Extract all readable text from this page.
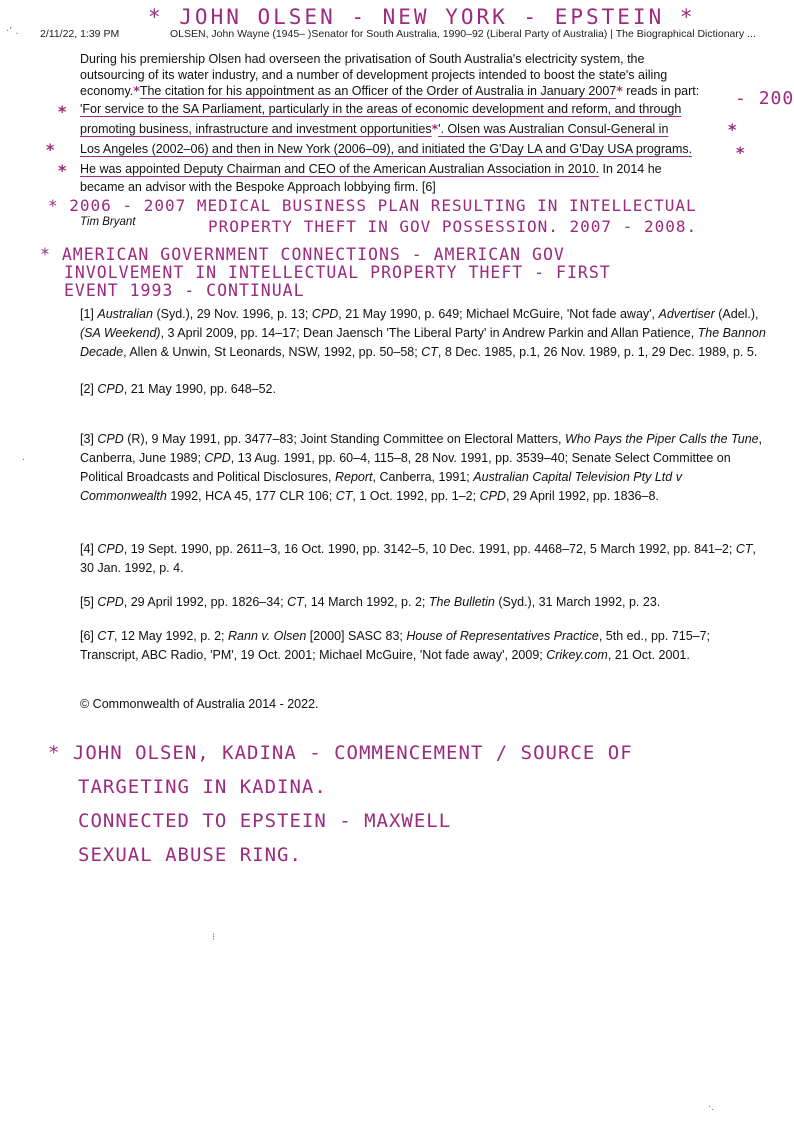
* JOHN OLSEN - NEW YORK - EPSTEIN *
2/11/22, 1:39 PM	OLSEN, John Wayne (1945– )Senator for South Australia, 1990–92 (Liberal Party of Australia) | The Biographical Dictionary ...
·ʼ .
During his premiership Olsen had overseen the privatisation of South Australia's electricity system, the
outsourcing of its water industry, and a number of development projects intended to boost the state's ailing
economy.*The citation for his appointment as an Officer of the Order of Australia in January 2007* reads in part:	- 200
* 'For service to the SA Parliament, particularly in the areas of economic development and reform, and through
promoting business, infrastructure and investment opportunities*'. Olsen was Australian Consul-General in	*
* Los Angeles (2002–06) and then in New York (2006–09), and initiated the G'Day LA and G'Day USA programs.	*
* He was appointed Deputy Chairman and CEO of the American Australian Association in 2010. In 2014 he
became an advisor with the Bespoke Approach lobbying firm. [6]
* 2006 - 2007 MEDICAL BUSINESS PLAN RESULTING IN INTELLECTUAL
PROPERTY THEFT IN GOV POSSESSION. 2007 - 2008.
Tim Bryant
* AMERICAN GOVERNMENT CONNECTIONS - AMERICAN GOV
INVOLVEMENT IN INTELLECTUAL PROPERTY THEFT - FIRST
EVENT 1993 - CONTINUAL
[1] Australian (Syd.), 29 Nov. 1996, p. 13; CPD, 21 May 1990, p. 649; Michael McGuire, 'Not fade away', Advertiser (Adel.), (SA Weekend), 3 April 2009, pp. 14–17; Dean Jaensch 'The Liberal Party' in Andrew Parkin and Allan Patience, The Bannon Decade, Allen & Unwin, St Leonards, NSW, 1992, pp. 50–58; CT, 8 Dec. 1985, p.1, 26 Nov. 1989, p. 1, 29 Dec. 1989, p. 5.
[2] CPD, 21 May 1990, pp. 648–52.
[3] CPD (R), 9 May 1991, pp. 3477–83; Joint Standing Committee on Electoral Matters, Who Pays the Piper Calls the Tune, Canberra, June 1989; CPD, 13 Aug. 1991, pp. 60–4, 115–8, 28 Nov. 1991, pp. 3539–40; Senate Select Committee on Political Broadcasts and Political Disclosures, Report, Canberra, 1991; Australian Capital Television Pty Ltd v Commonwealth 1992, HCA 45, 177 CLR 106; CT, 1 Oct. 1992, pp. 1–2; CPD, 29 April 1992, pp. 1836–8.
[4] CPD, 19 Sept. 1990, pp. 2611–3, 16 Oct. 1990, pp. 3142–5, 10 Dec. 1991, pp. 4468–72, 5 March 1992, pp. 841–2; CT, 30 Jan. 1992, p. 4.
[5] CPD, 29 April 1992, pp. 1826–34; CT, 14 March 1992, p. 2; The Bulletin (Syd.), 31 March 1992, p. 23.
[6] CT, 12 May 1992, p. 2; Rann v. Olsen [2000] SASC 83; House of Representatives Practice, 5th ed., pp. 715–7; Transcript, ABC Radio, 'PM', 19 Oct. 2001; Michael McGuire, 'Not fade away', 2009; Crikey.com, 21 Oct. 2001.
© Commonwealth of Australia 2014 - 2022.
* JOHN OLSEN, KADINA - COMMENCEMENT / SOURCE OF
TARGETING IN KADINA.
CONNECTED TO EPSTEIN - MAXWELL
SEXUAL ABUSE RING.
⁝
·
·.
